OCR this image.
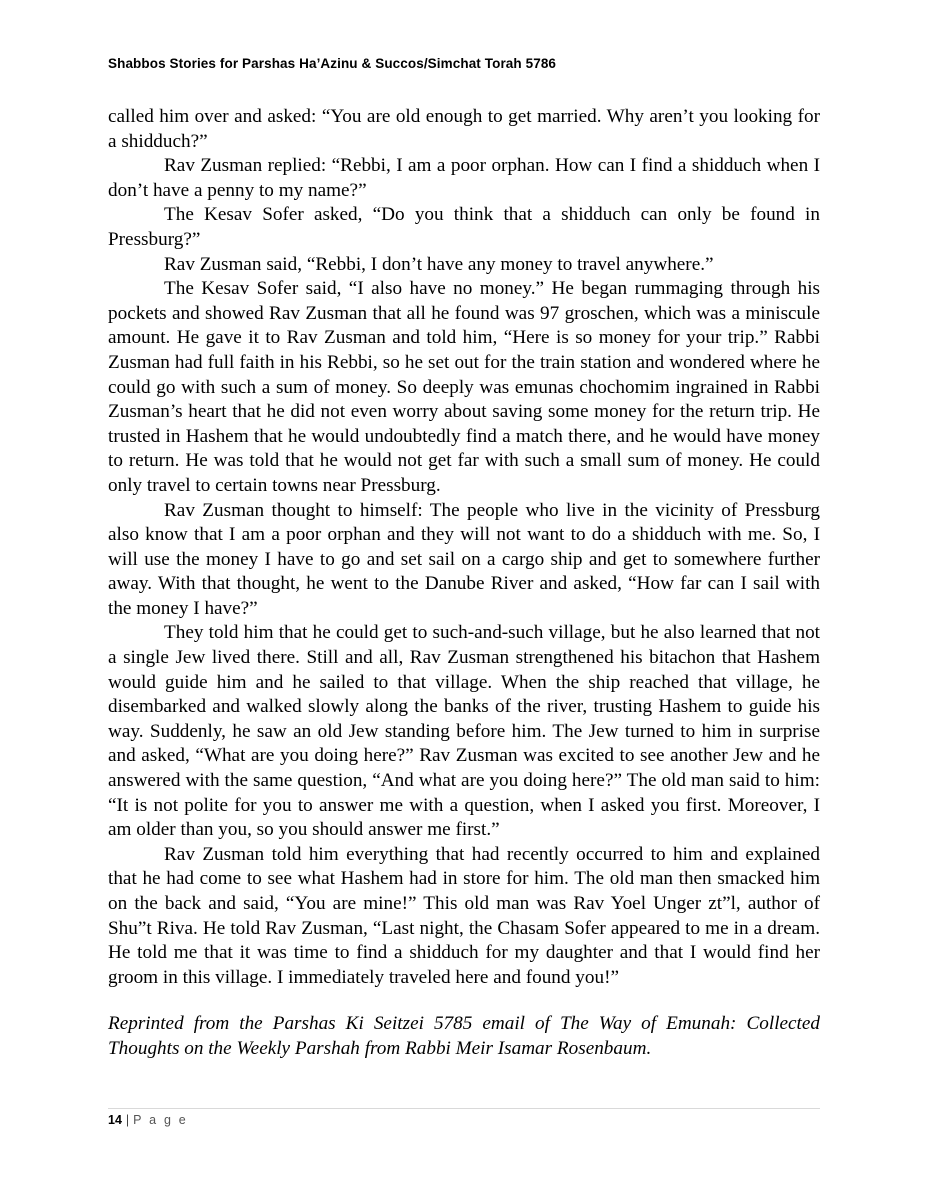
Shabbos Stories for Parshas Ha’Azinu & Succos/Simchat Torah 5786

called him over and asked: “You are old enough to get married. Why aren’t you looking for a shidduch?”

Rav Zusman replied: “Rebbi, I am a poor orphan. How can I find a shidduch when I don’t have a penny to my name?”

The Kesav Sofer asked, “Do you think that a shidduch can only be found in Pressburg?”

Rav Zusman said, “Rebbi, I don’t have any money to travel anywhere.”

The Kesav Sofer said, “I also have no money.” He began rummaging through his pockets and showed Rav Zusman that all he found was 97 groschen, which was a miniscule amount. He gave it to Rav Zusman and told him, “Here is so money for your trip.” Rabbi Zusman had full faith in his Rebbi, so he set out for the train station and wondered where he could go with such a sum of money. So deeply was emunas chochomim ingrained in Rabbi Zusman’s heart that he did not even worry about saving some money for the return trip. He trusted in Hashem that he would undoubtedly find a match there, and he would have money to return. He was told that he would not get far with such a small sum of money. He could only travel to certain towns near Pressburg.

Rav Zusman thought to himself: The people who live in the vicinity of Pressburg also know that I am a poor orphan and they will not want to do a shidduch with me. So, I will use the money I have to go and set sail on a cargo ship and get to somewhere further away. With that thought, he went to the Danube River and asked, “How far can I sail with the money I have?”

They told him that he could get to such-and-such village, but he also learned that not a single Jew lived there. Still and all, Rav Zusman strengthened his bitachon that Hashem would guide him and he sailed to that village. When the ship reached that village, he disembarked and walked slowly along the banks of the river, trusting Hashem to guide his way. Suddenly, he saw an old Jew standing before him. The Jew turned to him in surprise and asked, “What are you doing here?” Rav Zusman was excited to see another Jew and he answered with the same question, “And what are you doing here?” The old man said to him: “It is not polite for you to answer me with a question, when I asked you first. Moreover, I am older than you, so you should answer me first.”

Rav Zusman told him everything that had recently occurred to him and explained that he had come to see what Hashem had in store for him. The old man then smacked him on the back and said, “You are mine!” This old man was Rav Yoel Unger zt”l, author of Shu”t Riva. He told Rav Zusman, “Last night, the Chasam Sofer appeared to me in a dream. He told me that it was time to find a shidduch for my daughter and that I would find her groom in this village. I immediately traveled here and found you!”

Reprinted from the Parshas Ki Seitzei 5785 email of The Way of Emunah: Collected Thoughts on the Weekly Parshah from Rabbi Meir Isamar Rosenbaum.

14 | P a g e
